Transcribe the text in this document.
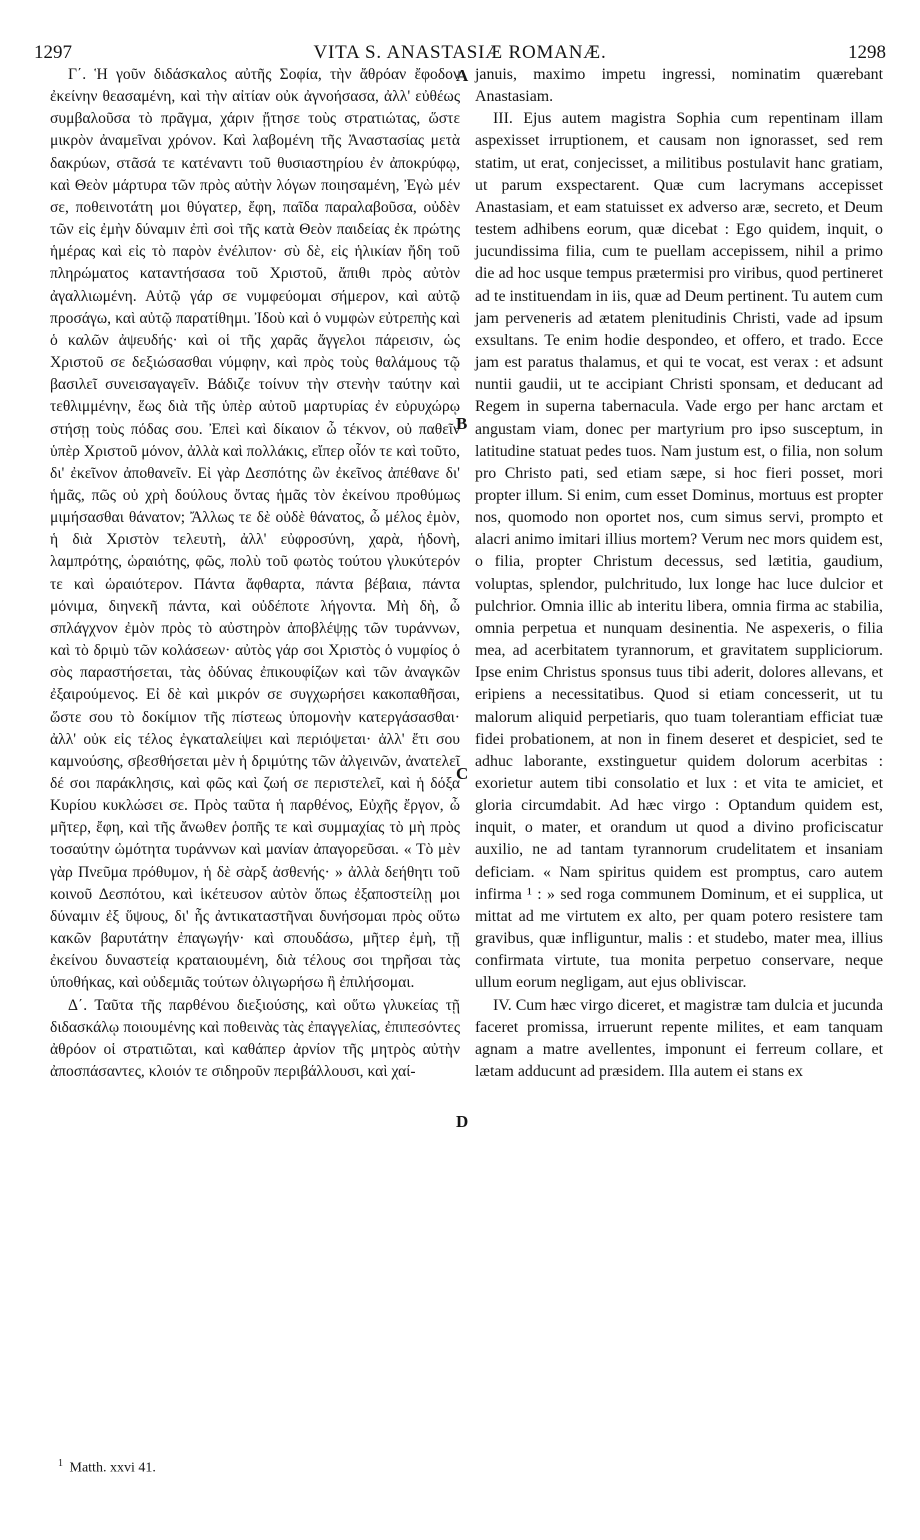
1297	VITA S. ANASTASIÆ ROMANÆ.	1298

Γ΄. Ἡ γοῦν διδάσκαλος αὐτῆς Σοφία, τὴν ἄθρόαν ἔφοδον ἐκείνην θεασαμένη, καὶ τὴν αἰτίαν οὐκ ἀγνοήσασα, ἀλλ' εὐθέως συμβαλοῦσα τὸ πρᾶγμα, χάριν ᾔτησε τοὺς στρατιώτας, ὥστε μικρὸν ἀναμεῖναι χρόνον. Καὶ λαβομένη τῆς Ἀναστασίας μετὰ δακρύων, στᾶσά τε κατέναντι τοῦ θυσιαστηρίου ἐν ἀποκρύφῳ, καὶ Θεὸν μάρτυρα τῶν πρὸς αὐτὴν λόγων ποιησαμένη, Ἐγὼ μέν σε, ποθεινοτάτη μοι θύγατερ, ἔφη, παῖδα παραλαβοῦσα, οὐδὲν τῶν εἰς ἐμὴν δύναμιν ἐπὶ σοὶ τῆς κατὰ Θεὸν παιδείας ἐκ πρώτης ἡμέρας καὶ εἰς τὸ παρὸν ἐνέλιπον· σὺ δὲ, εἰς ἡλικίαν ἤδη τοῦ πληρώματος καταντήσασα τοῦ Χριστοῦ, ἄπιθι πρὸς αὐτὸν ἀγαλλιωμένη. Αὐτῷ γάρ σε νυμφεύομαι σήμερον, καὶ αὐτῷ προσάγω, καὶ αὐτῷ παρατίθημι. Ἰδοὺ καὶ ὁ νυμφὼν εὐτρεπὴς καὶ ὁ καλῶν ἀψευδής· καὶ οἱ τῆς χαρᾶς ἄγγελοι πάρεισιν, ὡς Χριστοῦ σε δεξιώσασθαι νύμφην, καὶ πρὸς τοὺς θαλάμους τῷ βασιλεῖ συνεισαγαγεῖν. Βάδιζε τοίνυν τὴν στενὴν ταύτην καὶ τεθλιμμένην, ἕως διὰ τῆς ὑπὲρ αὐτοῦ μαρτυρίας ἐν εὐρυχώρῳ στήσῃ τοὺς πόδας σου. Ἐπεὶ καὶ δίκαιον ὦ τέκνον, οὐ παθεῖν ὑπὲρ Χριστοῦ μόνον, ἀλλὰ καὶ πολλάκις, εἴπερ οἷόν τε καὶ τοῦτο, δι' ἐκεῖνον ἀποθανεῖν. Εἰ γὰρ Δεσπότης ὢν ἐκεῖνος ἀπέθανε δι' ἡμᾶς, πῶς οὐ χρὴ δούλους ὄντας ἡμᾶς τὸν ἐκείνου προθύμως μιμήσασθαι θάνατον; Ἄλλως τε δὲ οὐδὲ θάνατος, ὦ μέλος ἐμὸν, ἡ διὰ Χριστὸν τελευτὴ, ἀλλ' εὐφροσύνη, χαρὰ, ἡδονὴ, λαμπρότης, ὡραιότης, φῶς, πολὺ τοῦ φωτὸς τούτου γλυκύτερόν τε καὶ ὡραιότερον. Πάντα ἄφθαρτα, πάντα βέβαια, πάντα μόνιμα, διηνεκῆ πάντα, καὶ οὐδέποτε λήγοντα. Μὴ δὴ, ὦ σπλάγχνον ἐμὸν πρὸς τὸ αὐστηρὸν ἀποβλέψῃς τῶν τυράννων, καὶ τὸ δριμὺ τῶν κολάσεων· αὐτὸς γάρ σοι Χριστὸς ὁ νυμφίος ὁ σὸς παραστήσεται, τὰς ὀδύνας ἐπικουφίζων καὶ τῶν ἀναγκῶν ἐξαιρούμενος. Εἰ δὲ καὶ μικρόν σε συγχωρήσει κακοπαθῆσαι, ὥστε σου τὸ δοκίμιον τῆς πίστεως ὑπομονὴν κατεργάσασθαι· ἀλλ' οὐκ εἰς τέλος ἐγκαταλείψει καὶ περιόψεται· ἀλλ' ἔτι σου καμνούσης, σβεσθήσεται μὲν ἡ δριμύτης τῶν ἀλγεινῶν, ἀνατελεῖ δέ σοι παράκλησις, καὶ φῶς καὶ ζωή σε περιστελεῖ, καὶ ἡ δόξα Κυρίου κυκλώσει σε. Πρὸς ταῦτα ἡ παρθένος, Εὐχῆς ἔργον, ὦ μῆτερ, ἔφη, καὶ τῆς ἄνωθεν ῥοπῆς τε καὶ συμμαχίας τὸ μὴ πρὸς τοσαύτην ὠμότητα τυράννων καὶ μανίαν ἀπαγορεῦσαι. « Τὸ μὲν γὰρ Πνεῦμα πρόθυμον, ἡ δὲ σὰρξ ἀσθενής· » ἀλλὰ δεήθητι τοῦ κοινοῦ Δεσπότου, καὶ ἱκέτευσον αὐτὸν ὅπως ἐξαποστείλῃ μοι δύναμιν ἐξ ὕψους, δι' ἧς ἀντικαταστῆναι δυνήσομαι πρὸς οὕτω κακῶν βαρυτάτην ἐπαγωγήν· καὶ σπουδάσω, μῆτερ ἐμὴ, τῇ ἐκείνου δυναστείᾳ κραταιουμένη, διὰ τέλους σοι τηρῆσαι τὰς ὑποθήκας, καὶ οὐδεμιᾶς τούτων ὀλιγωρήσω ἢ ἐπιλήσομαι.

Δ΄. Ταῦτα τῆς παρθένου διεξιούσης, καὶ οὕτω γλυκείας τῇ διδασκάλῳ ποιουμένης καὶ ποθεινὰς τὰς ἐπαγγελίας, ἐπιπεσόντες ἀθρόον οἱ στρατιῶται, καὶ καθάπερ ἀρνίον τῆς μητρὸς αὐτὴν ἀποσπάσαντες, κλοιόν τε σιδηροῦν περιβάλλουσι, καὶ χαί-

januis, maximo impetu ingressi, nominatim quærebant Anastasiam.

III. Ejus autem magistra Sophia cum repentinam illam aspexisset irruptionem, et causam non ignorasset, sed rem statim, ut erat, conjecisset, a militibus postulavit hanc gratiam, ut parum exspectarent. Quæ cum lacrymans accepisset Anastasiam, et eam statuisset ex adverso aræ, secreto, et Deum testem adhibens eorum, quæ dicebat : Ego quidem, inquit, o jucundissima filia, cum te puellam accepissem, nihil a primo die ad hoc usque tempus prætermisi pro viribus, quod pertineret ad te instituendam in iis, quæ ad Deum pertinent. Tu autem cum jam perveneris ad ætatem plenitudinis Christi, vade ad ipsum exsultans. Te enim hodie despondeo, et offero, et trado. Ecce jam est paratus thalamus, et qui te vocat, est verax : et adsunt nuntii gaudii, ut te accipiant Christi sponsam, et deducant ad Regem in superna tabernacula. Vade ergo per hanc arctam et angustam viam, donec per martyrium pro ipso susceptum, in latitudine statuat pedes tuos. Nam justum est, o filia, non solum pro Christo pati, sed etiam sæpe, si hoc fieri posset, mori propter illum. Si enim, cum esset Dominus, mortuus est propter nos, quomodo non oportet nos, cum simus servi, prompto et alacri animo imitari illius mortem? Verum nec mors quidem est, o filia, propter Christum decessus, sed lætitia, gaudium, voluptas, splendor, pulchritudo, lux longe hac luce dulcior et pulchrior. Omnia illic ab interitu libera, omnia firma ac stabilia, omnia perpetua et nunquam desinentia. Ne aspexeris, o filia mea, ad acerbitatem tyrannorum, et gravitatem suppliciorum. Ipse enim Christus sponsus tuus tibi aderit, dolores allevans, et eripiens a necessitatibus. Quod si etiam concesserit, ut tu malorum aliquid perpetiaris, quo tuam tolerantiam efficiat tuæ fidei probationem, at non in finem deseret et despiciet, sed te adhuc laborante, exstinguetur quidem dolorum acerbitas : exorietur autem tibi consolatio et lux : et vita te amiciet, et gloria circumdabit. Ad hæc virgo : Optandum quidem est, inquit, o mater, et orandum ut quod a divino proficiscatur auxilio, ne ad tantam tyrannorum crudelitatem et insaniam deficiam. « Nam spiritus quidem est promptus, caro autem infirma ¹ : » sed roga communem Dominum, et ei supplica, ut mittat ad me virtutem ex alto, per quam potero resistere tam gravibus, quæ infliguntur, malis : et studebo, mater mea, illius confirmata virtute, tua monita perpetuo conservare, neque ullum eorum negligam, aut ejus obliviscar.

IV. Cum hæc virgo diceret, et magistræ tam dulcia et jucunda faceret promissa, irruerunt repente milites, et eam tanquam agnam a matre avellentes, imponunt ei ferreum collare, et lætam adducunt ad præsidem. Illa autem ei stans ex

A
B
C
D
$^1$ Matth. xxvi 41.
